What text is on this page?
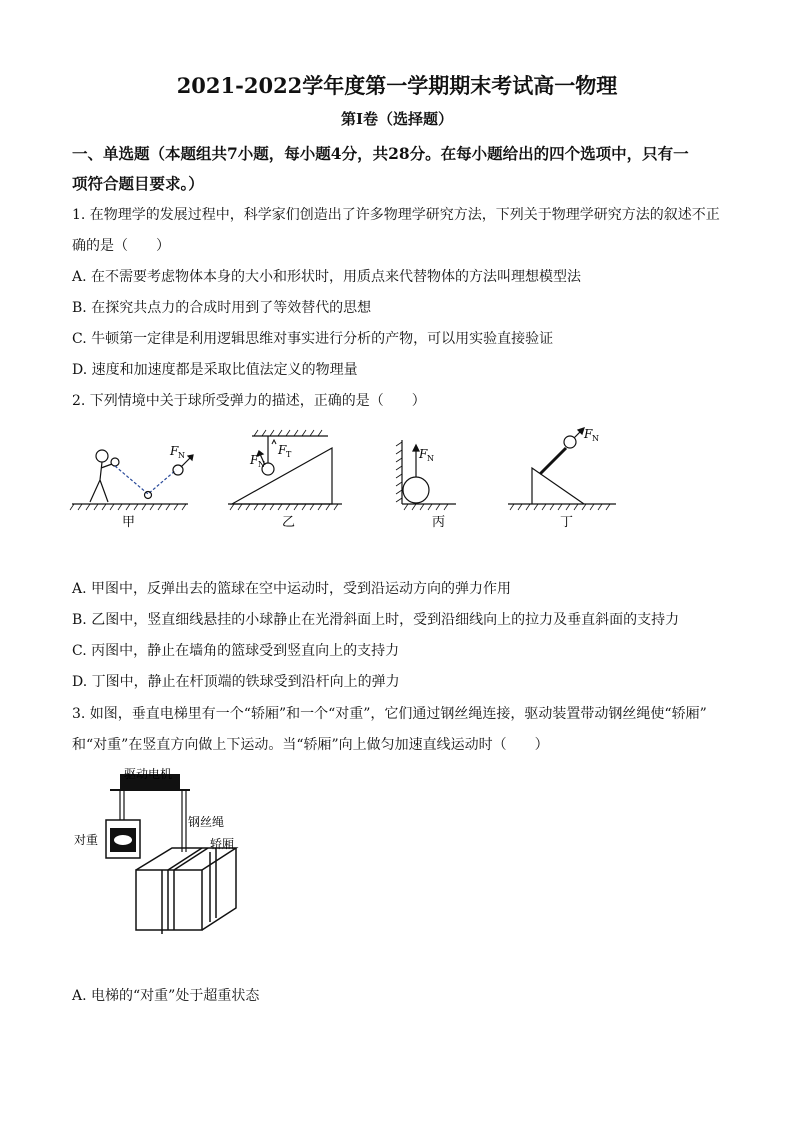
2021-2022学年度第一学期期末考试高一物理
第Ⅰ卷（选择题）
一、单选题（本题组共7小题，每小题4分，共28分。在每小题给出的四个选项中，只有一
项符合题目要求。）
1. 在物理学的发展过程中，科学家们创造出了许多物理学研究方法，下列关于物理学研究方法的叙述不正
确的是（　　）
A. 在不需要考虑物体本身的大小和形状时，用质点来代替物体的方法叫理想模型法
B. 在探究共点力的合成时用到了等效替代的思想
C. 牛顿第一定律是利用逻辑思维对事实进行分析的产物，可以用实验直接验证
D. 速度和加速度都是采取比值法定义的物理量
2. 下列情境中关于球所受弹力的描述，正确的是（　　）
F N	F N
F T	F N
F N
甲	乙	丙	丁
A. 甲图中，反弹出去的篮球在空中运动时，受到沿运动方向的弹力作用
B. 乙图中，竖直细线悬挂的小球静止在光滑斜面上时，受到沿细线向上的拉力及垂直斜面的支持力
C. 丙图中，静止在墙角的篮球受到竖直向上的支持力
D. 丁图中，静止在杆顶端的铁球受到沿杆向上的弹力
3. 如图，垂直电梯里有一个“轿厢”和一个“对重”，它们通过钢丝绳连接，驱动装置带动钢丝绳使“轿厢”
和“对重”在竖直方向做上下运动。当“轿厢”向上做匀加速直线运动时（　　）
驱动电机
钢丝绳
对重	轿厢
A. 电梯的“对重”处于超重状态
